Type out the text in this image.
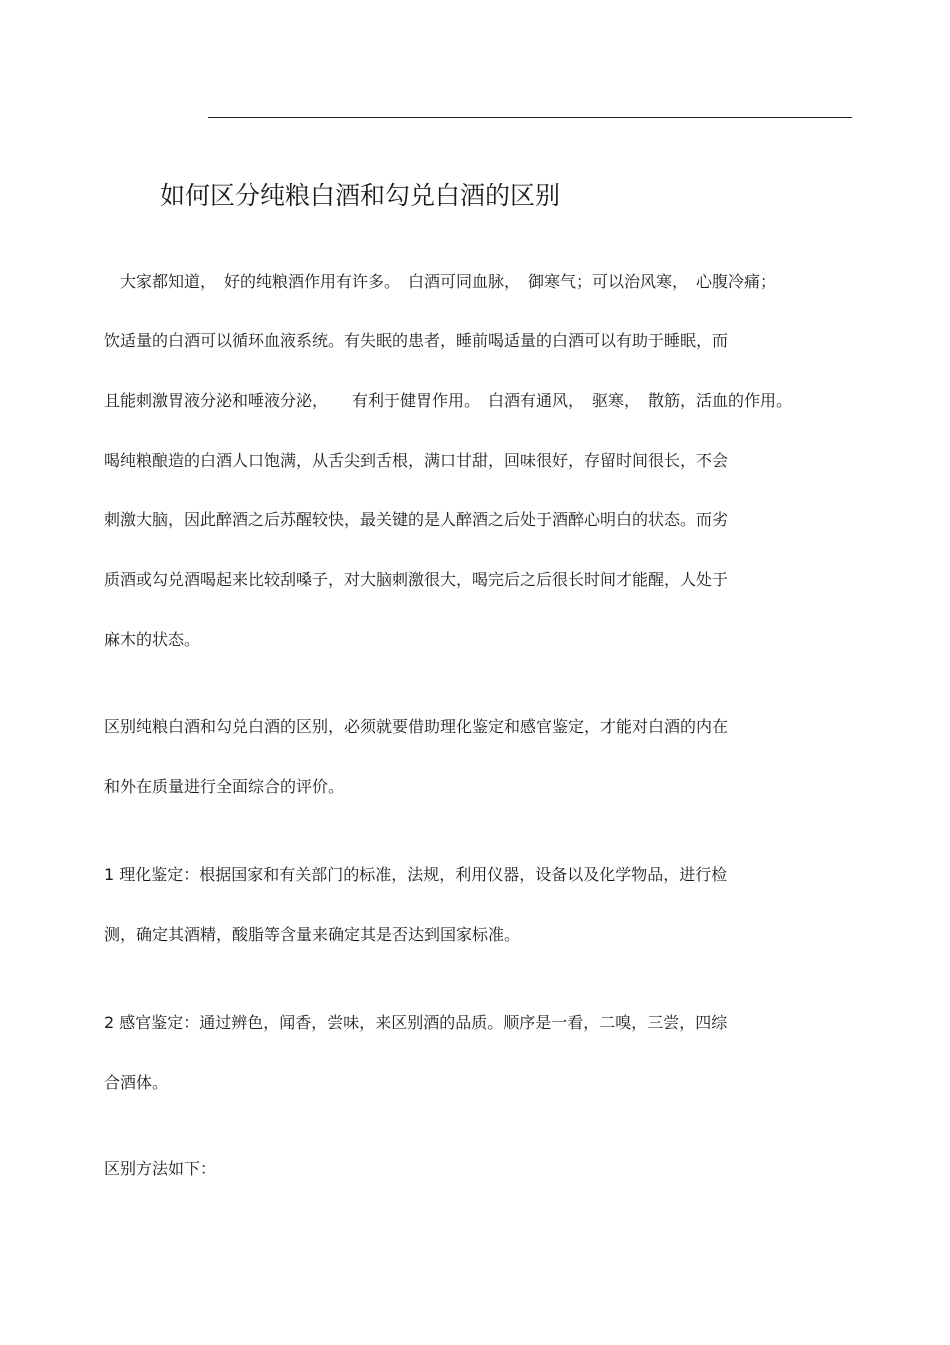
如何区分纯粮白酒和勾兑白酒的区别
　大家都知道，　好的纯粮酒作用有许多。　白酒可同血脉，　御寒气；可以治风寒，　心腹冷痛；
饮适量的白酒可以循环血液系统。有失眠的患者，睡前喝适量的白酒可以有助于睡眠，而
且能刺激胃液分泌和唾液分泌，　　有利于健胃作用。　白酒有通风，　驱寒，　散筋，活血的作用。
喝纯粮酿造的白酒人口饱满，从舌尖到舌根，满口甘甜，回味很好，存留时间很长，不会
刺激大脑，因此醉酒之后苏醒较快，最关键的是人醉酒之后处于酒醉心明白的状态。而劣
质酒或勾兑酒喝起来比较刮嗓子，对大脑刺激很大，喝完后之后很长时间才能醒，人处于
麻木的状态。
区别纯粮白酒和勾兑白酒的区别，必须就要借助理化鉴定和感官鉴定，才能对白酒的内在
和外在质量进行全面综合的评价。
1 理化鉴定：根据国家和有关部门的标准，法规，利用仪器，设备以及化学物品，进行检
测，确定其酒精，酸脂等含量来确定其是否达到国家标准。
2 感官鉴定：通过辨色，闻香，尝味，来区别酒的品质。顺序是一看，二嗅，三尝，四综
合酒体。
区别方法如下：
